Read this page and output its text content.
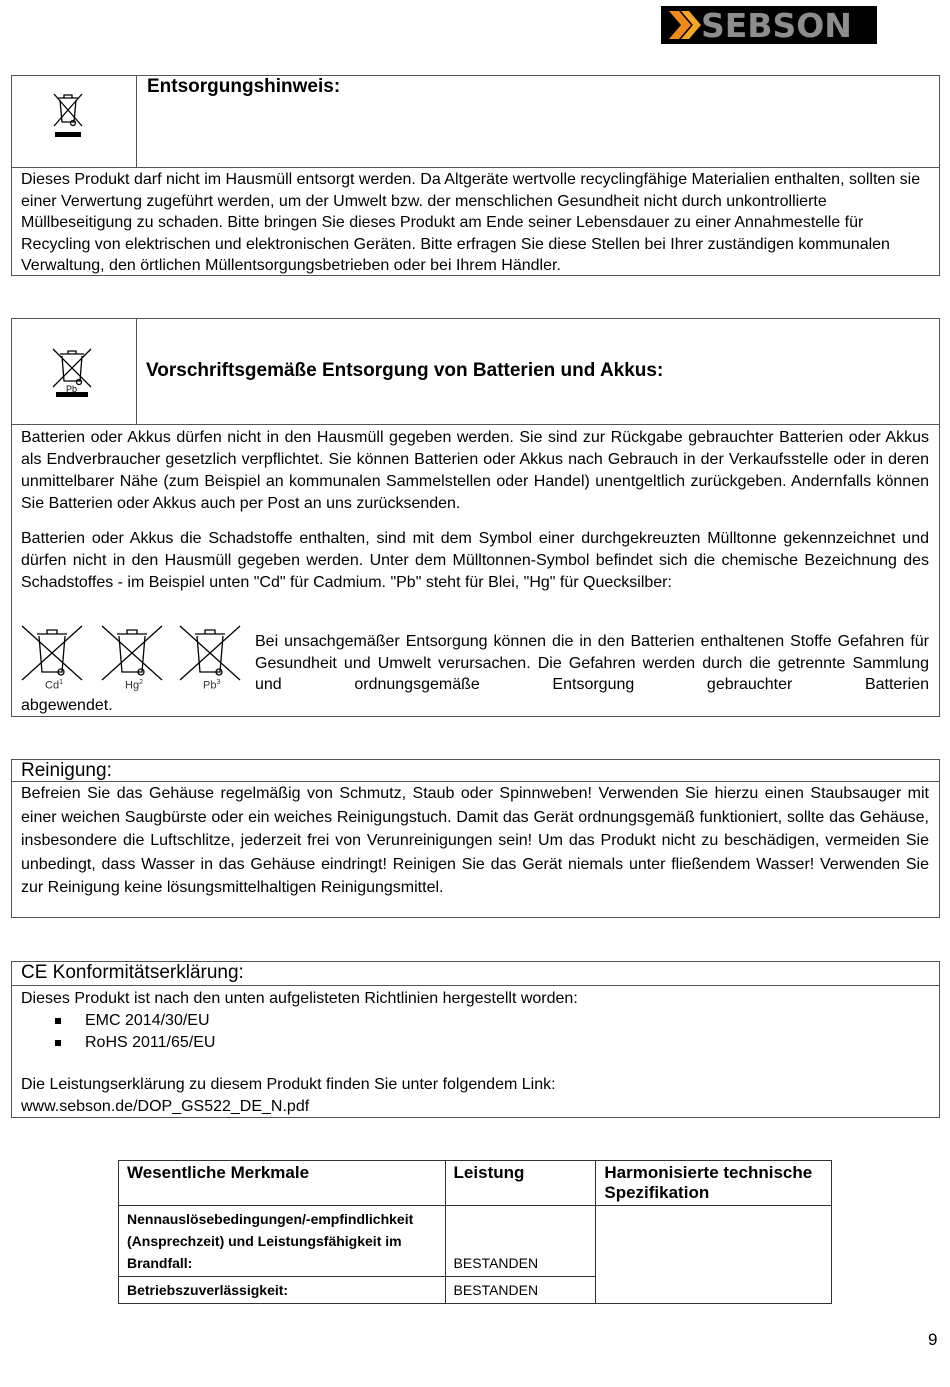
SEBSON
Entsorgungshinweis:
Dieses Produkt darf nicht im Hausmüll entsorgt werden. Da Altgeräte wertvolle recyclingfähige Materialien enthalten, sollten sie einer Verwertung zugeführt werden, um der Umwelt bzw. der menschlichen Gesundheit nicht durch unkontrollierte Müllbeseitigung zu schaden. Bitte bringen Sie dieses Produkt am Ende seiner Lebensdauer zu einer Annahmestelle für Recycling von elektrischen und elektronischen Geräten. Bitte erfragen Sie diese Stellen bei Ihrer zuständigen kommunalen Verwaltung, den örtlichen Müllentsorgungsbetrieben oder bei Ihrem Händler.
Pb
Vorschriftsgemäße Entsorgung von Batterien und Akkus:
Batterien oder Akkus dürfen nicht in den Hausmüll gegeben werden. Sie sind zur Rückgabe gebrauchter Batterien oder Akkus als Endverbraucher gesetzlich verpflichtet. Sie können Batterien oder Akkus nach Gebrauch in der Verkaufsstelle oder in deren unmittelbarer Nähe (zum Beispiel an kommunalen Sammelstellen oder Handel) unentgeltlich zurückgeben. Andernfalls können Sie Batterien oder Akkus auch per Post an uns zurücksenden.
Batterien oder Akkus die Schadstoffe enthalten, sind mit dem Symbol einer durchgekreuzten Mülltonne gekennzeichnet und dürfen nicht in den Hausmüll gegeben werden. Unter dem Mülltonnen-Symbol befindet sich die chemische Bezeichnung des Schadstoffes - im Beispiel unten "Cd" für Cadmium. "Pb" steht für Blei, "Hg" für Quecksilber:
Cd$^1$	Hg$^2$	Pb$^3$
Bei unsachgemäßer Entsorgung können die in den Batterien enthaltenen Stoffe Gefahren für Gesundheit und Umwelt verursachen. Die Gefahren werden durch die getrennte Sammlung und ordnungsgemäße Entsorgung gebrauchter Batterien
abgewendet.
Reinigung:
Befreien Sie das Gehäuse regelmäßig von Schmutz, Staub oder Spinnweben! Verwenden Sie hierzu einen Staubsauger mit einer weichen Saugbürste oder ein weiches Reinigungstuch. Damit das Gerät ordnungsgemäß funktioniert, sollte das Gehäuse, insbesondere die Luftschlitze, jederzeit frei von Verunreinigungen sein! Um das Produkt nicht zu beschädigen, vermeiden Sie unbedingt, dass Wasser in das Gehäuse eindringt! Reinigen Sie das Gerät niemals unter fließendem Wasser! Verwenden Sie zur Reinigung keine lösungsmittelhaltigen Reinigungsmittel.
CE Konformitätserklärung:
Dieses Produkt ist nach den unten aufgelisteten Richtlinien hergestellt worden:
EMC 2014/30/EU
RoHS 2011/65/EU
Die Leistungserklärung zu diesem Produkt finden Sie unter folgendem Link:
www.sebson.de/DOP_GS522_DE_N.pdf
Wesentliche Merkmale	Leistung	Harmonisierte technische Spezifikation
Nennauslösebedingungen/-empfindlichkeit (Ansprechzeit) und Leistungsfähigkeit im Brandfall:	BESTANDEN	
Betriebszuverlässigkeit:	BESTANDEN	
9
